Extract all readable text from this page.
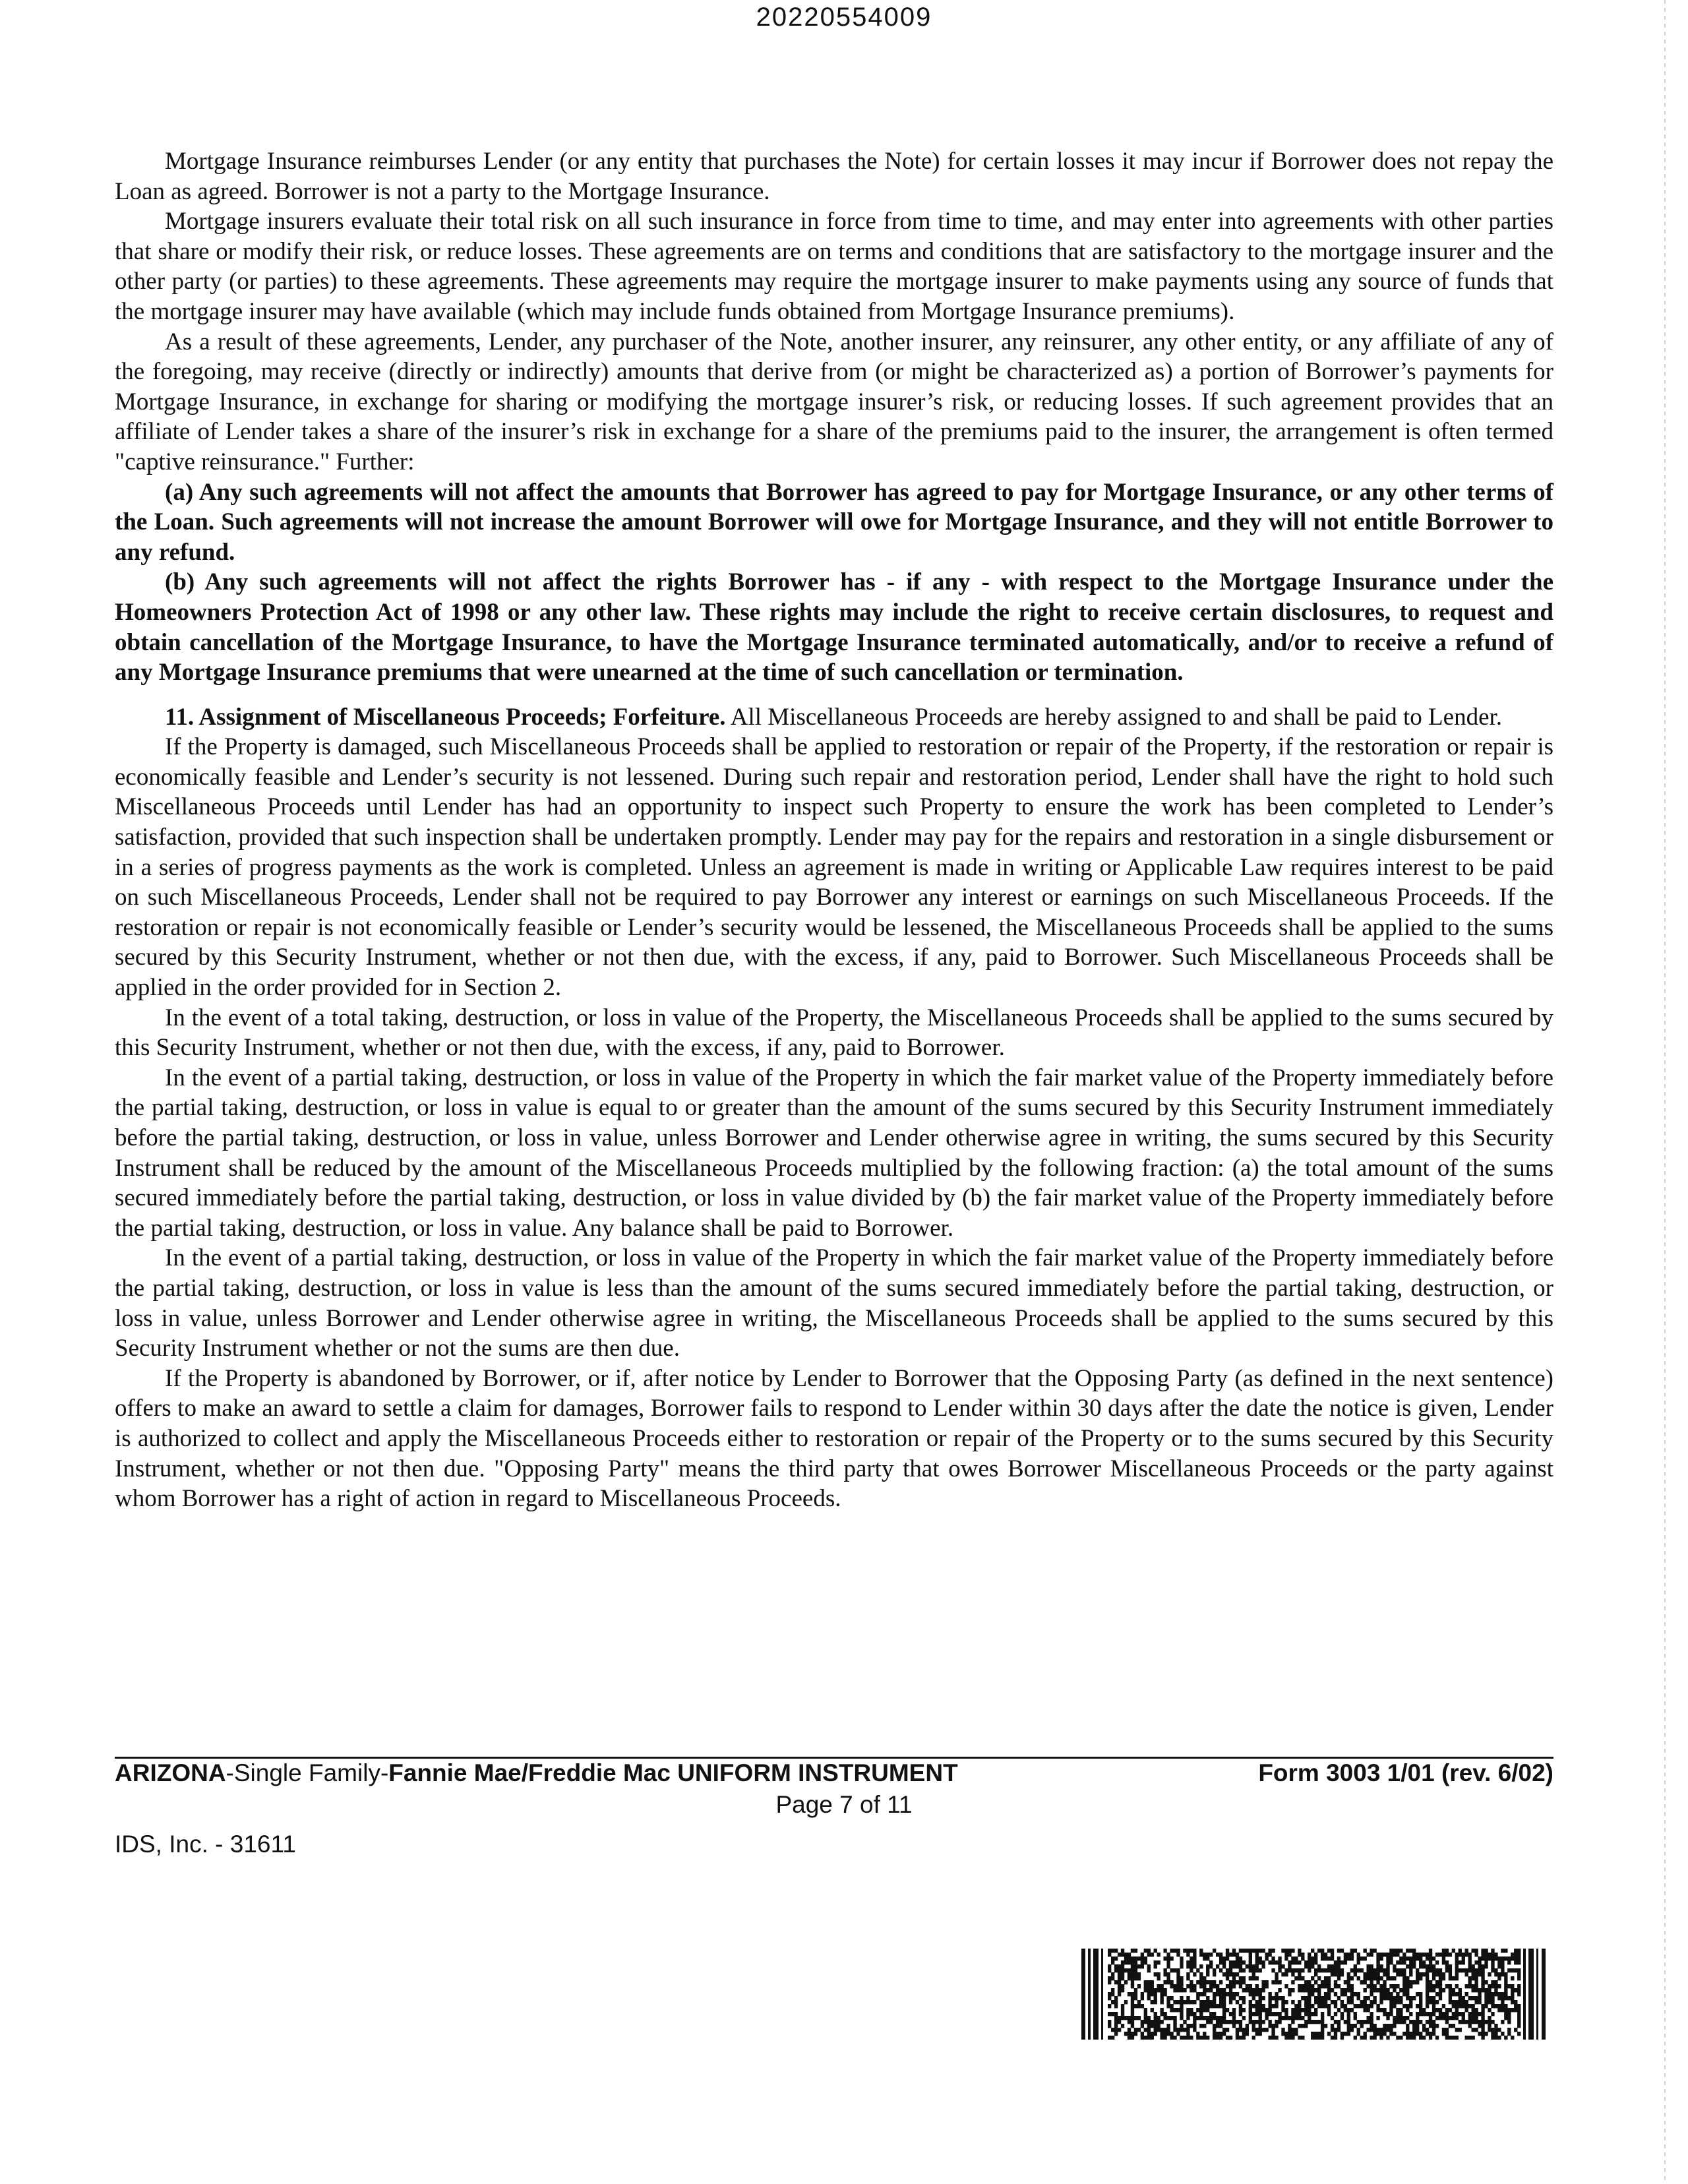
20220554009

Mortgage Insurance reimburses Lender (or any entity that purchases the Note) for certain losses it may incur if Borrower does not repay the Loan as agreed. Borrower is not a party to the Mortgage Insurance.

Mortgage insurers evaluate their total risk on all such insurance in force from time to time, and may enter into agreements with other parties that share or modify their risk, or reduce losses. These agreements are on terms and conditions that are satisfactory to the mortgage insurer and the other party (or parties) to these agreements. These agreements may require the mortgage insurer to make payments using any source of funds that the mortgage insurer may have available (which may include funds obtained from Mortgage Insurance premiums).

As a result of these agreements, Lender, any purchaser of the Note, another insurer, any reinsurer, any other entity, or any affiliate of any of the foregoing, may receive (directly or indirectly) amounts that derive from (or might be characterized as) a portion of Borrower’s payments for Mortgage Insurance, in exchange for sharing or modifying the mortgage insurer’s risk, or reducing losses. If such agreement provides that an affiliate of Lender takes a share of the insurer’s risk in exchange for a share of the premiums paid to the insurer, the arrangement is often termed "captive reinsurance." Further:

(a) Any such agreements will not affect the amounts that Borrower has agreed to pay for Mortgage Insurance, or any other terms of the Loan. Such agreements will not increase the amount Borrower will owe for Mortgage Insurance, and they will not entitle Borrower to any refund.

(b) Any such agreements will not affect the rights Borrower has - if any - with respect to the Mortgage Insurance under the Homeowners Protection Act of 1998 or any other law. These rights may include the right to receive certain disclosures, to request and obtain cancellation of the Mortgage Insurance, to have the Mortgage Insurance terminated automatically, and/or to receive a refund of any Mortgage Insurance premiums that were unearned at the time of such cancellation or termination.

11. Assignment of Miscellaneous Proceeds; Forfeiture. All Miscellaneous Proceeds are hereby assigned to and shall be paid to Lender.

If the Property is damaged, such Miscellaneous Proceeds shall be applied to restoration or repair of the Property, if the restoration or repair is economically feasible and Lender’s security is not lessened. During such repair and restoration period, Lender shall have the right to hold such Miscellaneous Proceeds until Lender has had an opportunity to inspect such Property to ensure the work has been completed to Lender’s satisfaction, provided that such inspection shall be undertaken promptly. Lender may pay for the repairs and restoration in a single disbursement or in a series of progress payments as the work is completed. Unless an agreement is made in writing or Applicable Law requires interest to be paid on such Miscellaneous Proceeds, Lender shall not be required to pay Borrower any interest or earnings on such Miscellaneous Proceeds. If the restoration or repair is not economically feasible or Lender’s security would be lessened, the Miscellaneous Proceeds shall be applied to the sums secured by this Security Instrument, whether or not then due, with the excess, if any, paid to Borrower. Such Miscellaneous Proceeds shall be applied in the order provided for in Section 2.

In the event of a total taking, destruction, or loss in value of the Property, the Miscellaneous Proceeds shall be applied to the sums secured by this Security Instrument, whether or not then due, with the excess, if any, paid to Borrower.

In the event of a partial taking, destruction, or loss in value of the Property in which the fair market value of the Property immediately before the partial taking, destruction, or loss in value is equal to or greater than the amount of the sums secured by this Security Instrument immediately before the partial taking, destruction, or loss in value, unless Borrower and Lender otherwise agree in writing, the sums secured by this Security Instrument shall be reduced by the amount of the Miscellaneous Proceeds multiplied by the following fraction: (a) the total amount of the sums secured immediately before the partial taking, destruction, or loss in value divided by (b) the fair market value of the Property immediately before the partial taking, destruction, or loss in value. Any balance shall be paid to Borrower.

In the event of a partial taking, destruction, or loss in value of the Property in which the fair market value of the Property immediately before the partial taking, destruction, or loss in value is less than the amount of the sums secured immediately before the partial taking, destruction, or loss in value, unless Borrower and Lender otherwise agree in writing, the Miscellaneous Proceeds shall be applied to the sums secured by this Security Instrument whether or not the sums are then due.

If the Property is abandoned by Borrower, or if, after notice by Lender to Borrower that the Opposing Party (as defined in the next sentence) offers to make an award to settle a claim for damages, Borrower fails to respond to Lender within 30 days after the date the notice is given, Lender is authorized to collect and apply the Miscellaneous Proceeds either to restoration or repair of the Property or to the sums secured by this Security Instrument, whether or not then due. "Opposing Party" means the third party that owes Borrower Miscellaneous Proceeds or the party against whom Borrower has a right of action in regard to Miscellaneous Proceeds.

ARIZONA-Single Family-Fannie Mae/Freddie Mac UNIFORM INSTRUMENT	Form 3003 1/01 (rev. 6/02)
Page 7 of 11
IDS, Inc. - 31611
